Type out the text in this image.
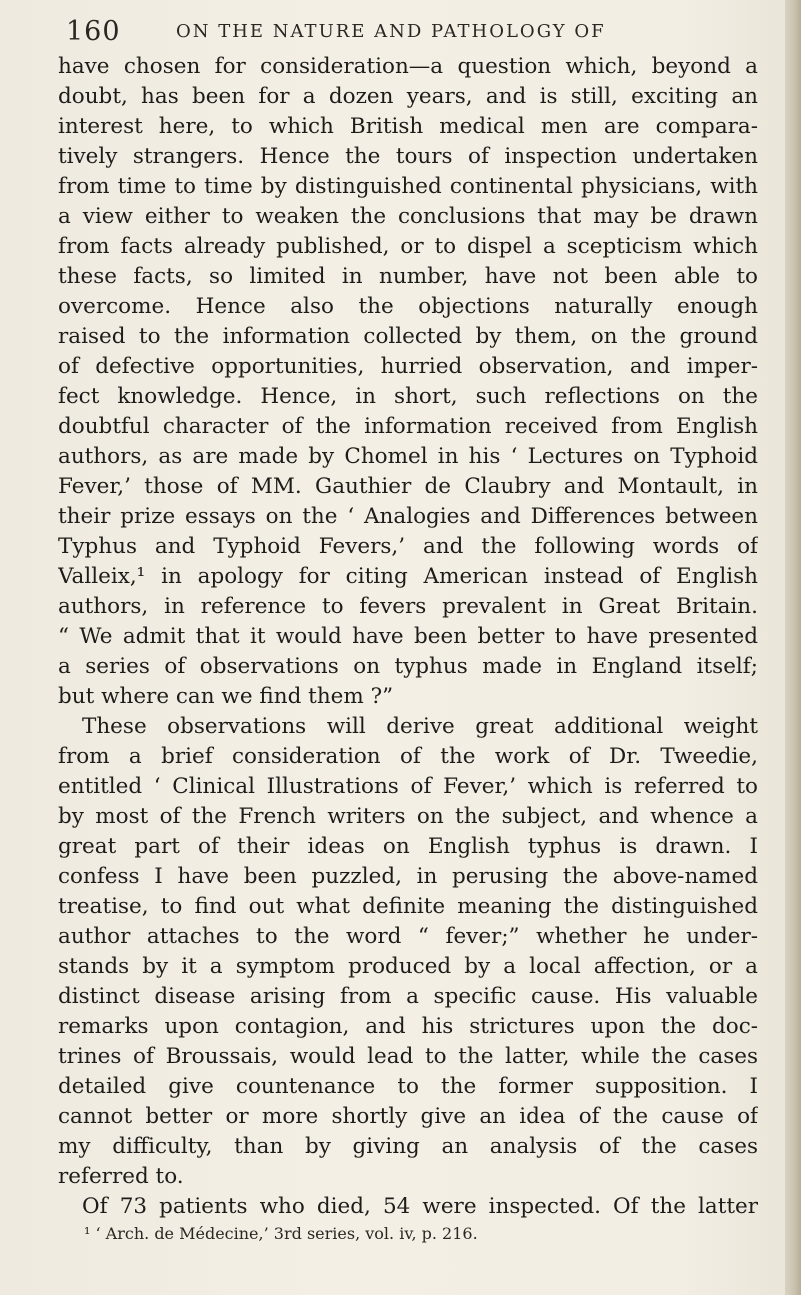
160	ON THE NATURE AND PATHOLOGY OF
have chosen for consideration—a question which, beyond a
doubt, has been for a dozen years, and is still, exciting an
interest here, to which British medical men are compara-
tively strangers. Hence the tours of inspection undertaken
from time to time by distinguished continental physicians, with
a view either to weaken the conclusions that may be drawn
from facts already published, or to dispel a scepticism which
these facts, so limited in number, have not been able to
overcome. Hence also the objections naturally enough
raised to the information collected by them, on the ground
of defective opportunities, hurried observation, and imper-
fect knowledge. Hence, in short, such reflections on the
doubtful character of the information received from English
authors, as are made by Chomel in his ‘ Lectures on Typhoid
Fever,’ those of MM. Gauthier de Claubry and Montault, in
their prize essays on the ‘ Analogies and Differences between
Typhus and Typhoid Fevers,’ and the following words of
Valleix,¹ in apology for citing American instead of English
authors, in reference to fevers prevalent in Great Britain.
“ We admit that it would have been better to have presented
a series of observations on typhus made in England itself;
but where can we find them ?”
These observations will derive great additional weight
from a brief consideration of the work of Dr. Tweedie,
entitled ‘ Clinical Illustrations of Fever,’ which is referred to
by most of the French writers on the subject, and whence a
great part of their ideas on English typhus is drawn. I
confess I have been puzzled, in perusing the above-named
treatise, to find out what definite meaning the distinguished
author attaches to the word “ fever;” whether he under-
stands by it a symptom produced by a local affection, or a
distinct disease arising from a specific cause. His valuable
remarks upon contagion, and his strictures upon the doc-
trines of Broussais, would lead to the latter, while the cases
detailed give countenance to the former supposition. I
cannot better or more shortly give an idea of the cause of
my difficulty, than by giving an analysis of the cases
referred to.
Of 73 patients who died, 54 were inspected. Of the latter
¹ ‘ Arch. de Médecine,’ 3rd series, vol. iv, p. 216.
